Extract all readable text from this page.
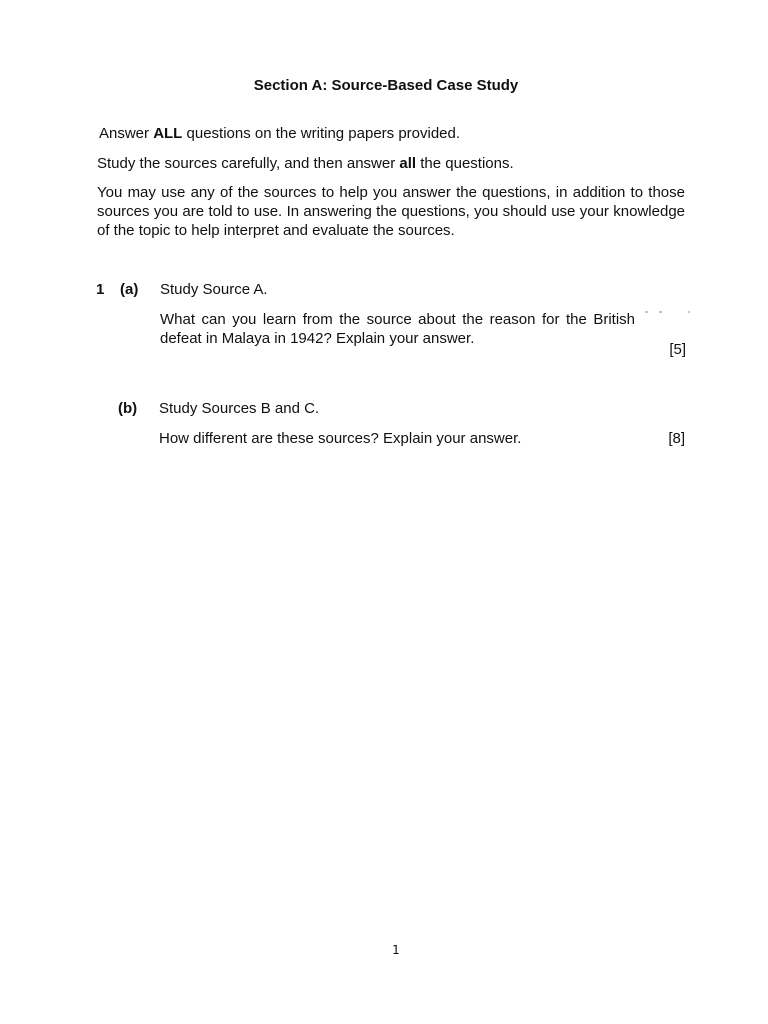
Section A: Source-Based Case Study
Answer ALL questions on the writing papers provided.
Study the sources carefully, and then answer all the questions.
You may use any of the sources to help you answer the questions, in addition to those sources you are told to use. In answering the questions, you should use your knowledge of the topic to help interpret and evaluate the sources.
1 (a) Study Source A.
What can you learn from the source about the reason for the British defeat in Malaya in 1942? Explain your answer.
[5]
(b) Study Sources B and C.
How different are these sources? Explain your answer.	[8]
1
